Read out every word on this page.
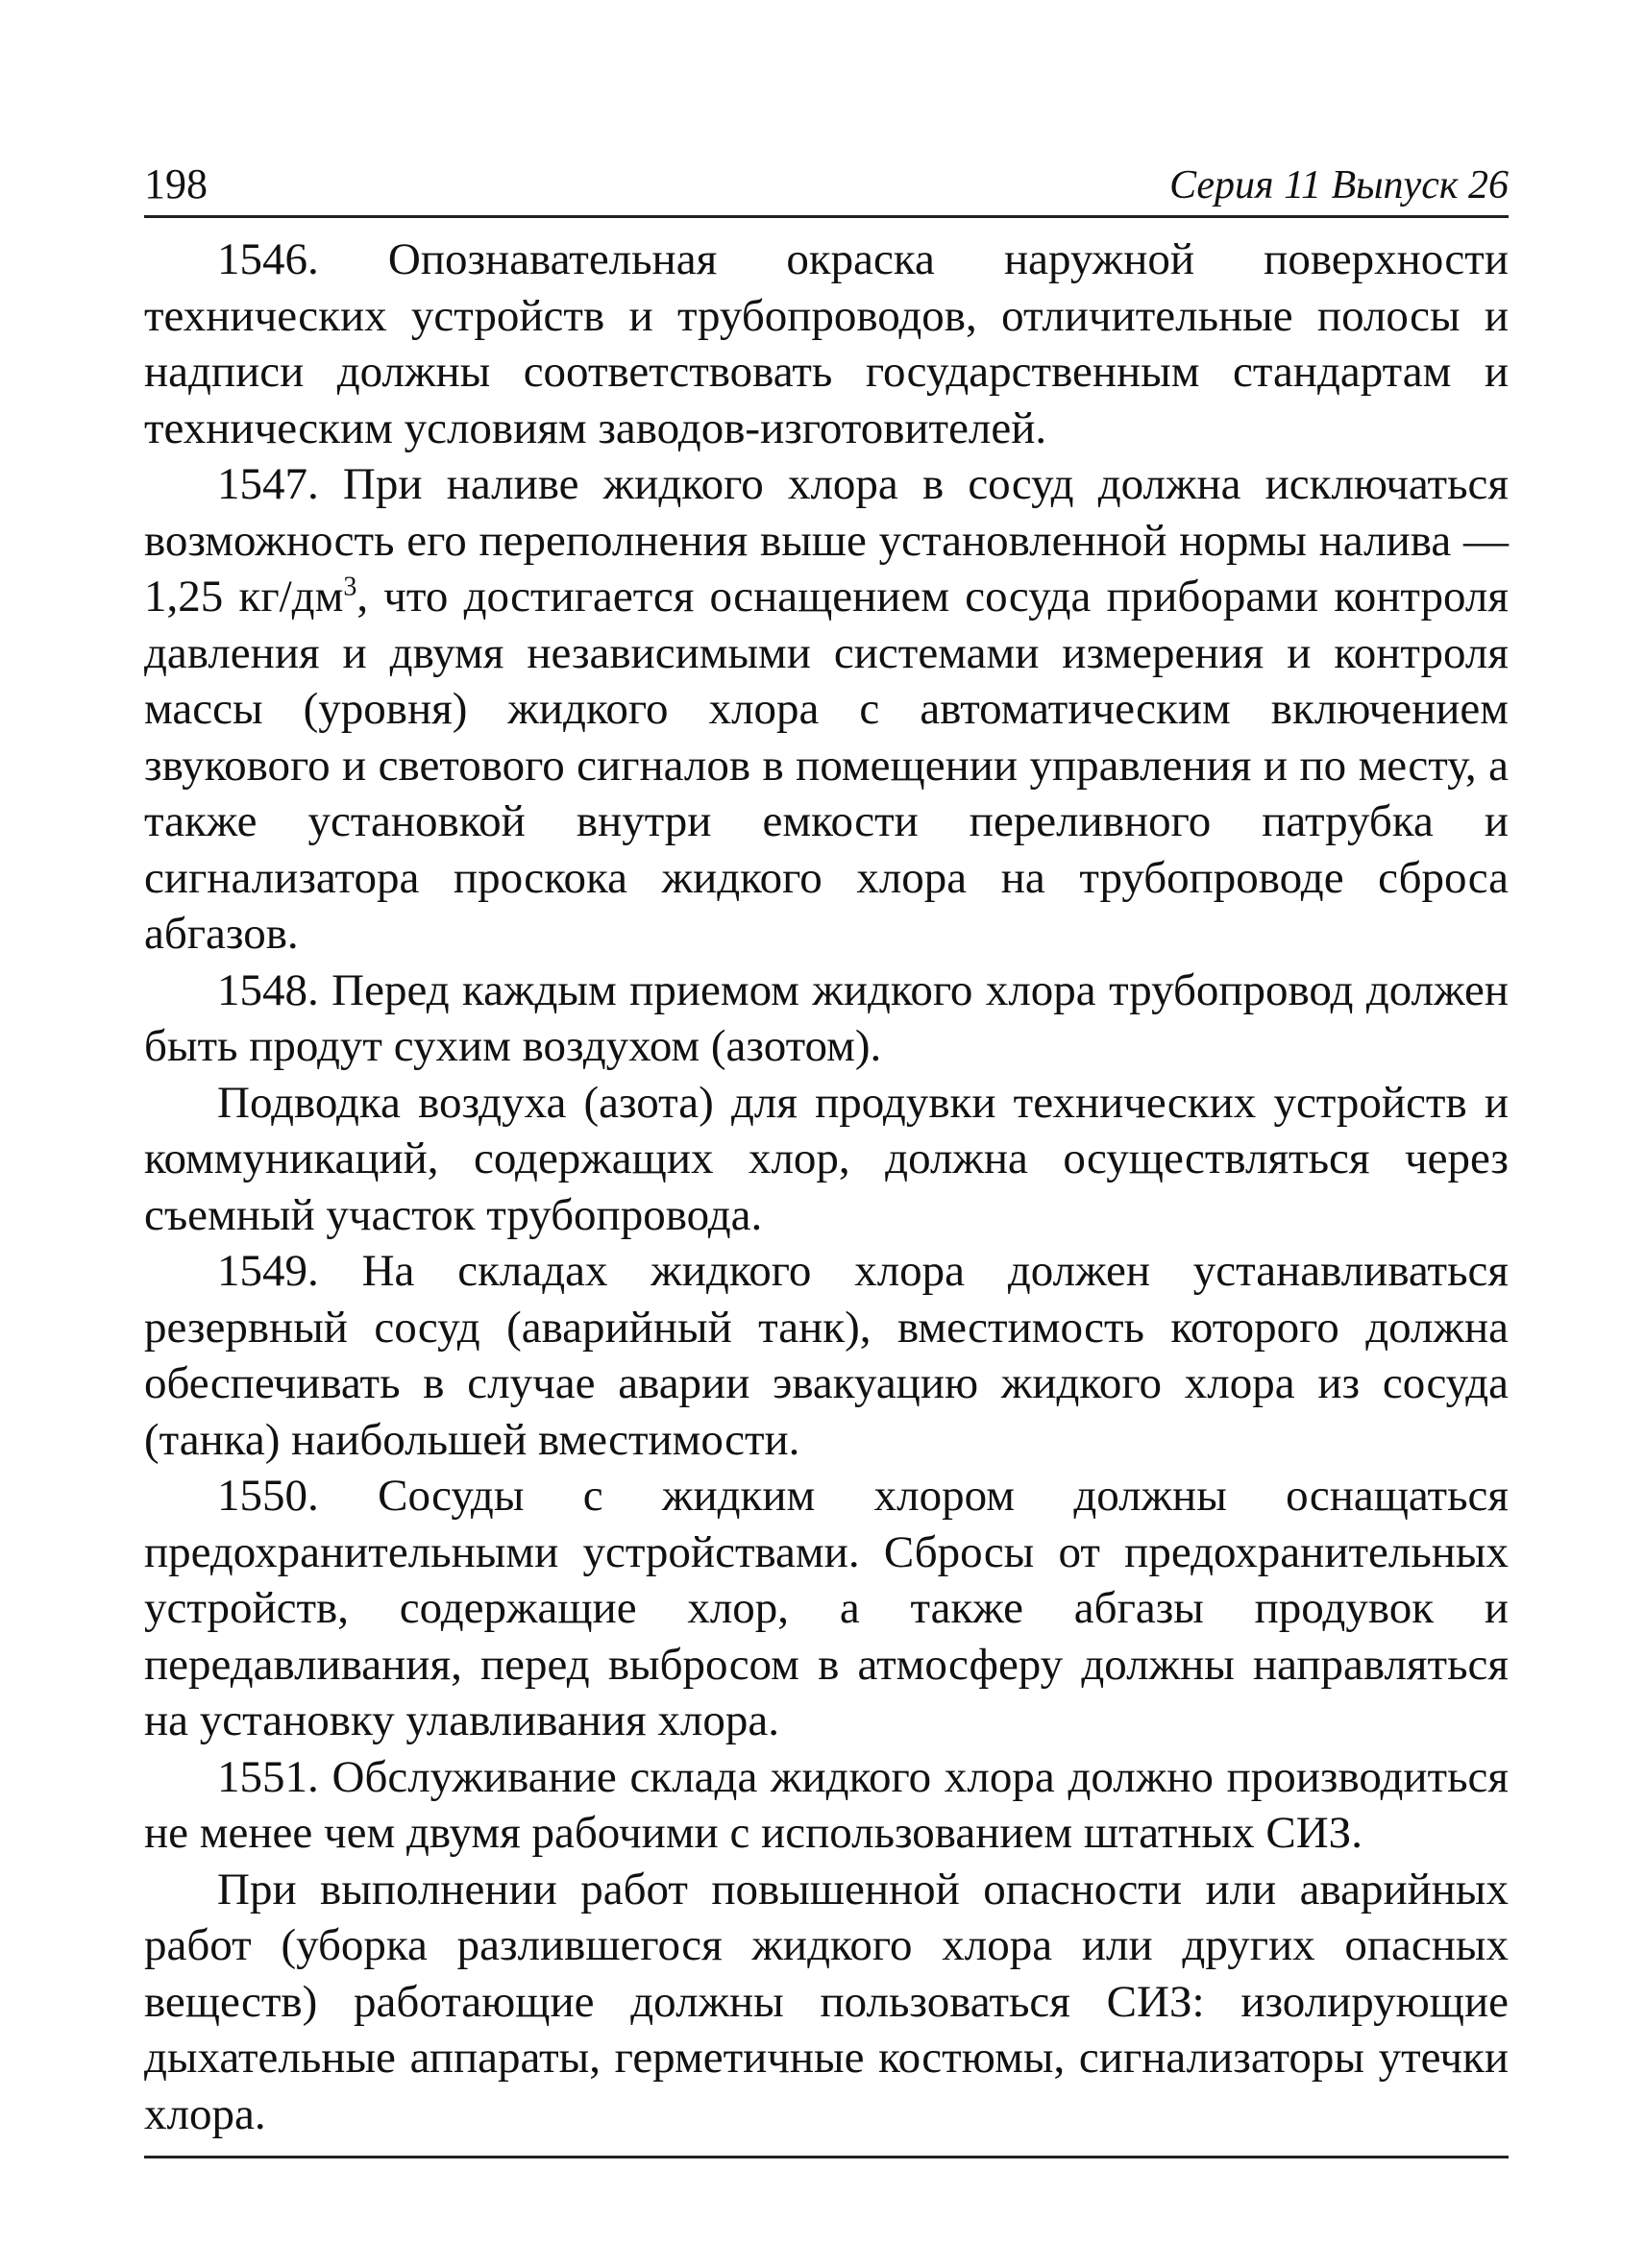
198	Серия 11 Выпуск 26

1546. Опознавательная окраска наружной поверхности технических устройств и трубопроводов, отличительные полосы и надписи должны соответствовать государственным стандартам и техническим условиям заводов-изготовителей.

1547. При наливе жидкого хлора в сосуд должна исключаться возможность его переполнения выше установленной нормы налива — 1,25 $кг/дм^3$, что достигается оснащением сосуда приборами контроля давления и двумя независимыми системами измерения и контроля массы (уровня) жидкого хлора с автоматическим включением звукового и светового сигналов в помещении управления и по месту, а также установкой внутри емкости переливного патрубка и сигнализатора проскока жидкого хлора на трубопроводе сброса абгазов.

1548. Перед каждым приемом жидкого хлора трубопровод должен быть продут сухим воздухом (азотом).

Подводка воздуха (азота) для продувки технических устройств и коммуникаций, содержащих хлор, должна осуществляться через съемный участок трубопровода.

1549. На складах жидкого хлора должен устанавливаться резервный сосуд (аварийный танк), вместимость которого должна обеспечивать в случае аварии эвакуацию жидкого хлора из сосуда (танка) наибольшей вместимости.

1550. Сосуды с жидким хлором должны оснащаться предохранительными устройствами. Сбросы от предохранительных устройств, содержащие хлор, а также абгазы продувок и передавливания, перед выбросом в атмосферу должны направляться на установку улавливания хлора.

1551. Обслуживание склада жидкого хлора должно производиться не менее чем двумя рабочими с использованием штатных СИЗ.

При выполнении работ повышенной опасности или аварийных работ (уборка разлившегося жидкого хлора или других опасных веществ) работающие должны пользоваться СИЗ: изолирующие дыхательные аппараты, герметичные костюмы, сигнализаторы утечки хлора.
